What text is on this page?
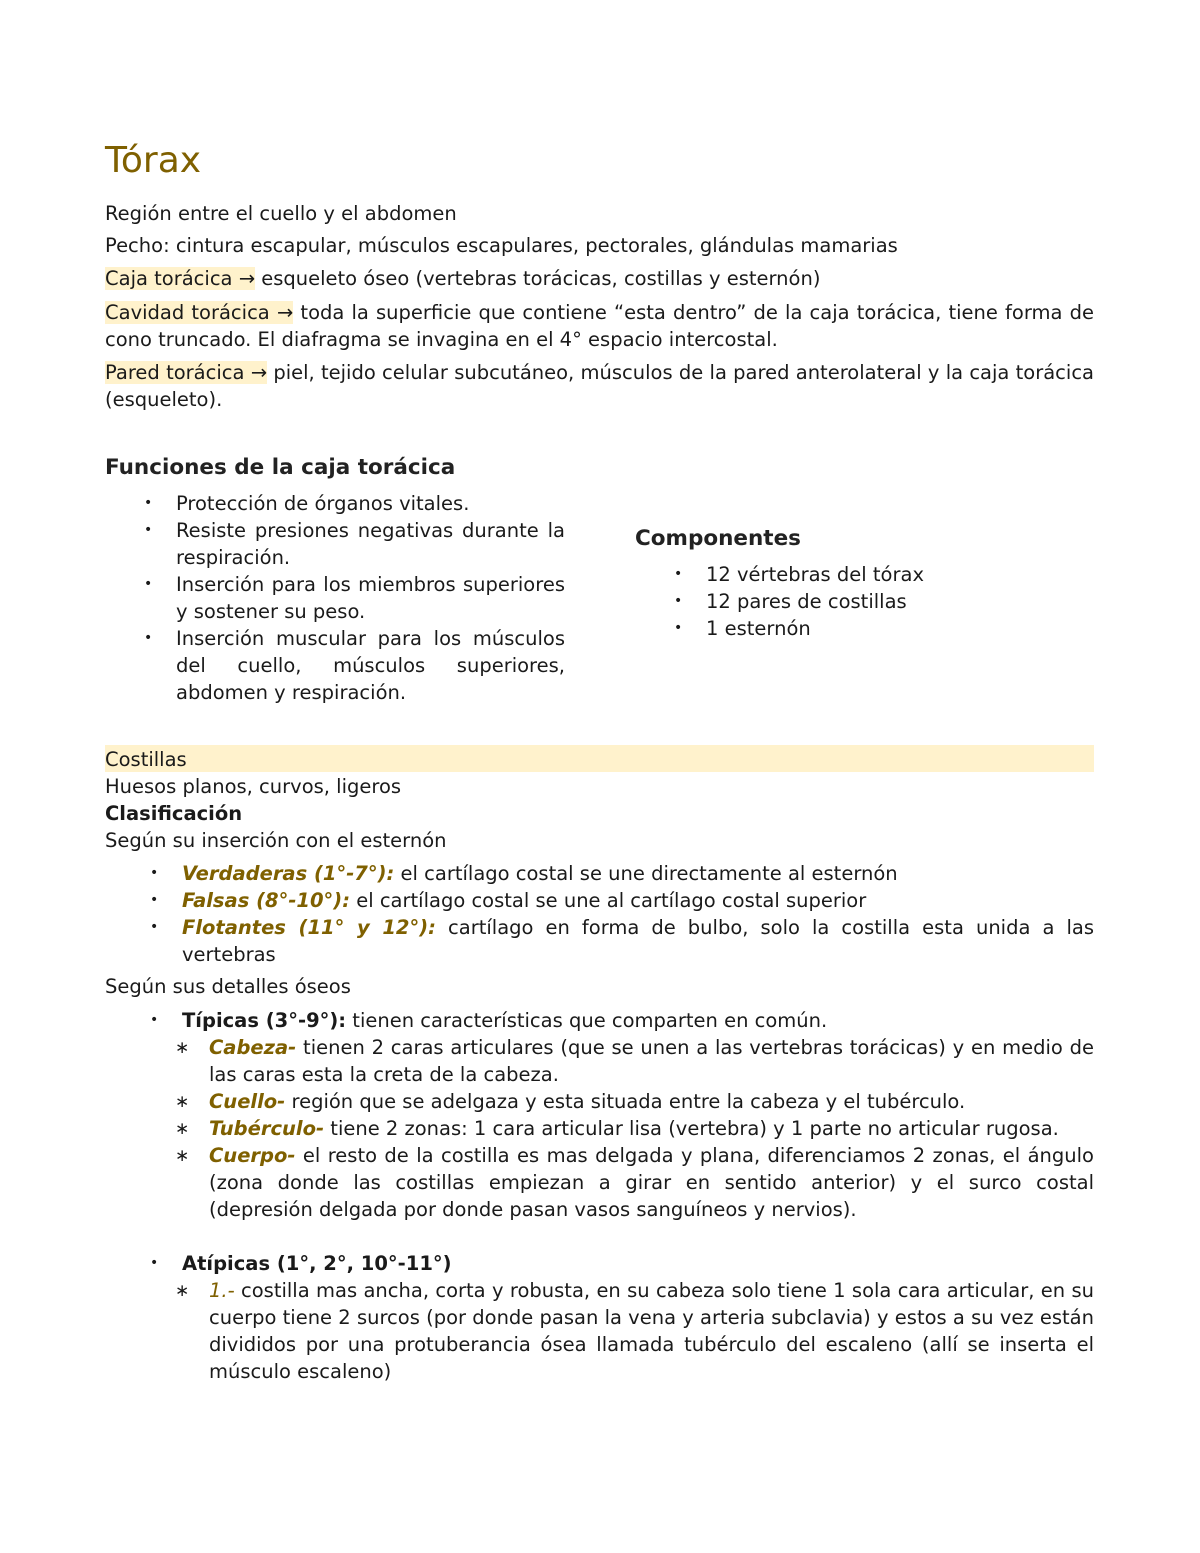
Tórax

Región entre el cuello y el abdomen

Pecho: cintura escapular, músculos escapulares, pectorales, glándulas mamarias

Caja torácica → esqueleto óseo (vertebras torácicas, costillas y esternón)

Cavidad torácica → toda la superficie que contiene “esta dentro” de la caja torácica, tiene forma de cono truncado. El diafragma se invagina en el 4° espacio intercostal.

Pared torácica → piel, tejido celular subcutáneo, músculos de la pared anterolateral y la caja torácica (esqueleto).

Funciones de la caja torácica
• Protección de órganos vitales.
• Resiste presiones negativas durante la respiración.
• Inserción para los miembros superiores y sostener su peso.
• Inserción muscular para los músculos del cuello, músculos superiores, abdomen y respiración.
Componentes
• 12 vértebras del tórax
• 12 pares de costillas
• 1 esternón

Costillas

Huesos planos, curvos, ligeros

Clasificación

Según su inserción con el esternón

• Verdaderas (1°-7°): el cartílago costal se une directamente al esternón
• Falsas (8°-10°): el cartílago costal se une al cartílago costal superior
• Flotantes (11° y 12°): cartílago en forma de bulbo, solo la costilla esta unida a las vertebras

Según sus detalles óseos

• Típicas (3°-9°): tienen características que comparten en común.
∗ Cabeza- tienen 2 caras articulares (que se unen a las vertebras torácicas) y en medio de las caras esta la creta de la cabeza.
∗ Cuello- región que se adelgaza y esta situada entre la cabeza y el tubérculo.
∗ Tubérculo- tiene 2 zonas: 1 cara articular lisa (vertebra) y 1 parte no articular rugosa.
∗ Cuerpo- el resto de la costilla es mas delgada y plana, diferenciamos 2 zonas, el ángulo (zona donde las costillas empiezan a girar en sentido anterior) y el surco costal (depresión delgada por donde pasan vasos sanguíneos y nervios).
• Atípicas (1°, 2°, 10°-11°)
∗ 1.- costilla mas ancha, corta y robusta, en su cabeza solo tiene 1 sola cara articular, en su cuerpo tiene 2 surcos (por donde pasan la vena y arteria subclavia) y estos a su vez están divididos por una protuberancia ósea llamada tubérculo del escaleno (allí se inserta el músculo escaleno)
